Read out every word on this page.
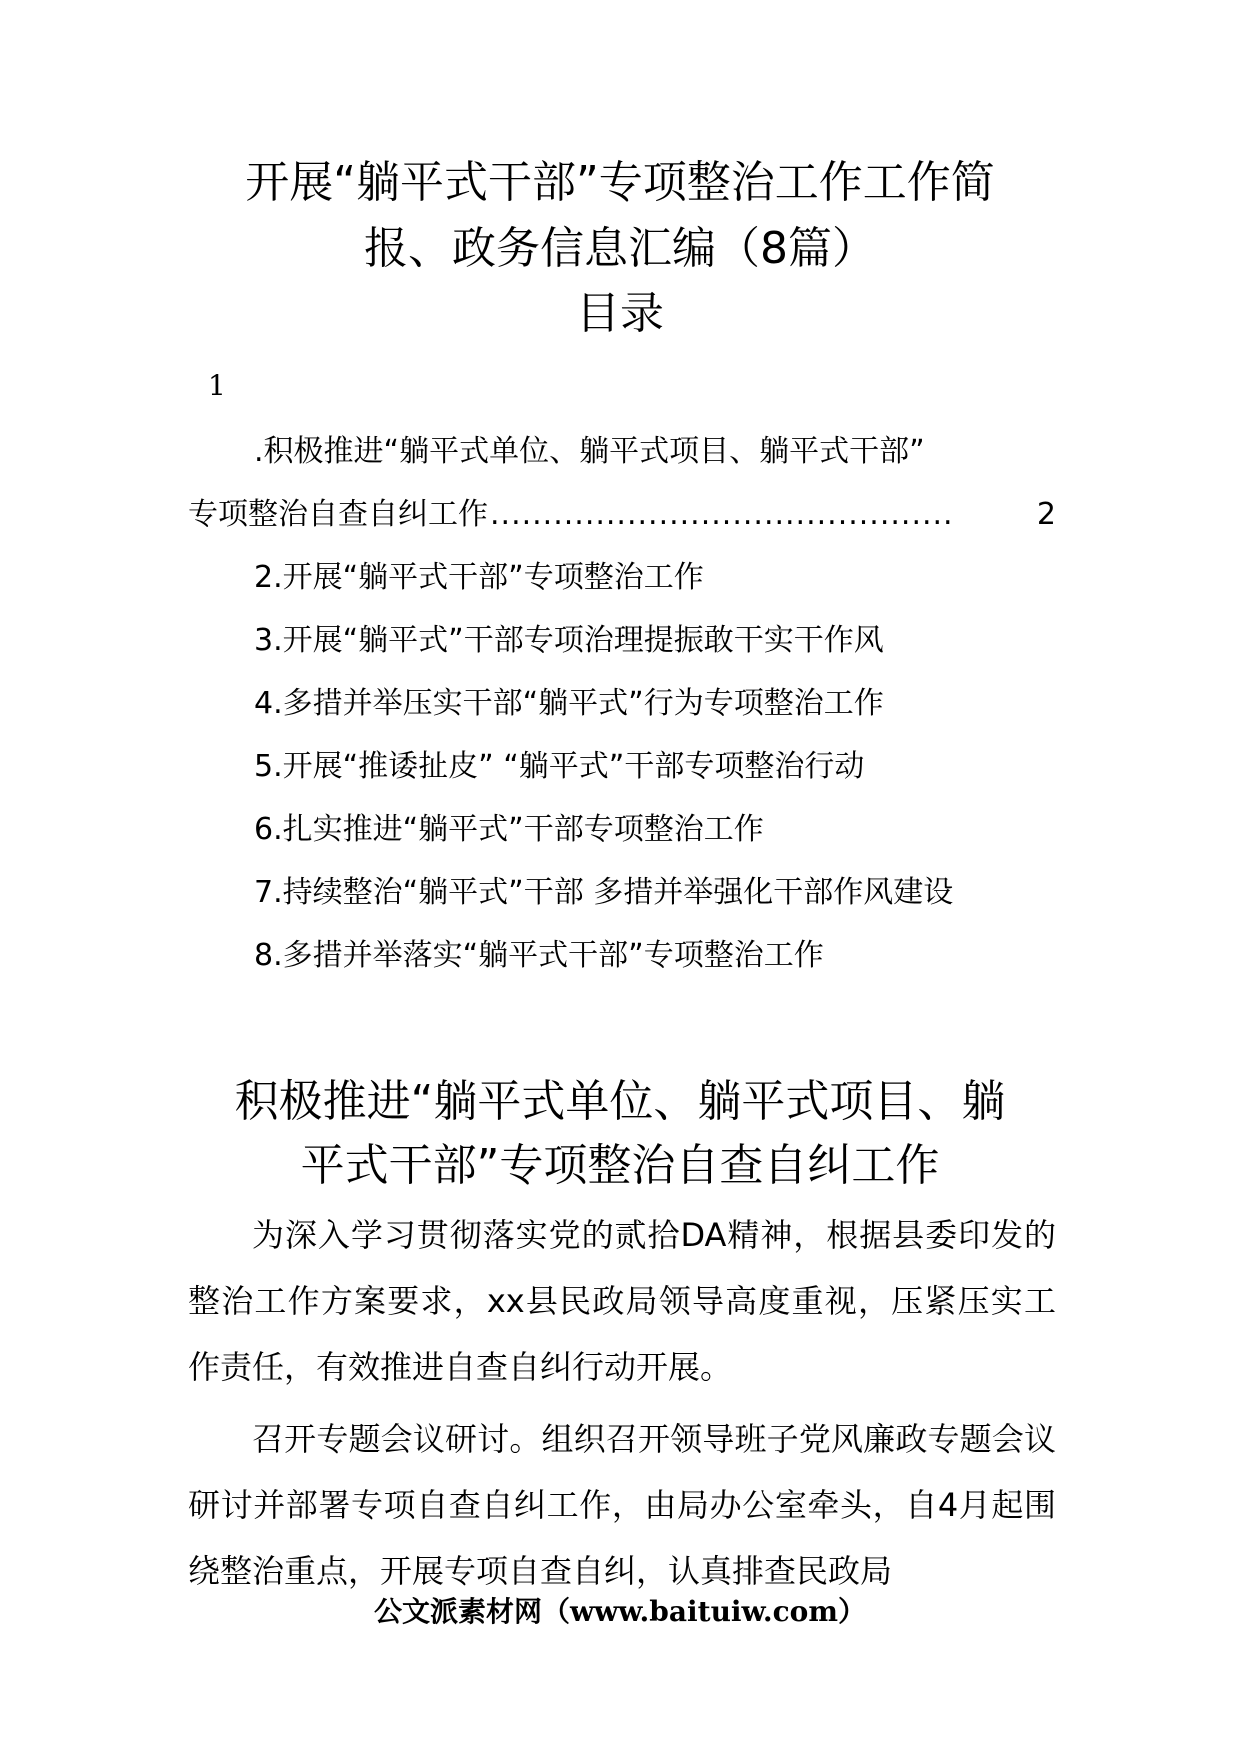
开展“躺平式干部”专项整治工作工作简
报、政务信息汇编（8篇）
目录
1
.积极推进“躺平式单位、躺平式项目、躺平式干部”
专项整治自查自纠工作 ............................................	2
2.开展“躺平式干部”专项整治工作
3.开展“躺平式”干部专项治理提振敢干实干作风
4.多措并举压实干部“躺平式”行为专项整治工作
5.开展“推诿扯皮” “躺平式”干部专项整治行动
6.扎实推进“躺平式”干部专项整治工作
7.持续整治“躺平式”干部 多措并举强化干部作风建设
8.多措并举落实“躺平式干部”专项整治工作
积极推进“躺平式单位、躺平式项目、躺
平式干部”专项整治自查自纠工作

为深入学习贯彻落实党的贰拾DA精神，根据县委印发的整治工作方案要求，xx县民政局领导高度重视，压紧压实工作责任，有效推进自查自纠行动开展。

召开专题会议研讨。组织召开领导班子党风廉政专题会议研讨并部署专项自查自纠工作，由局办公室牵头，自4月起围绕整治重点，开展专项自查自纠，认真排查民政局

公文派素材网（www.baituiw.com）
